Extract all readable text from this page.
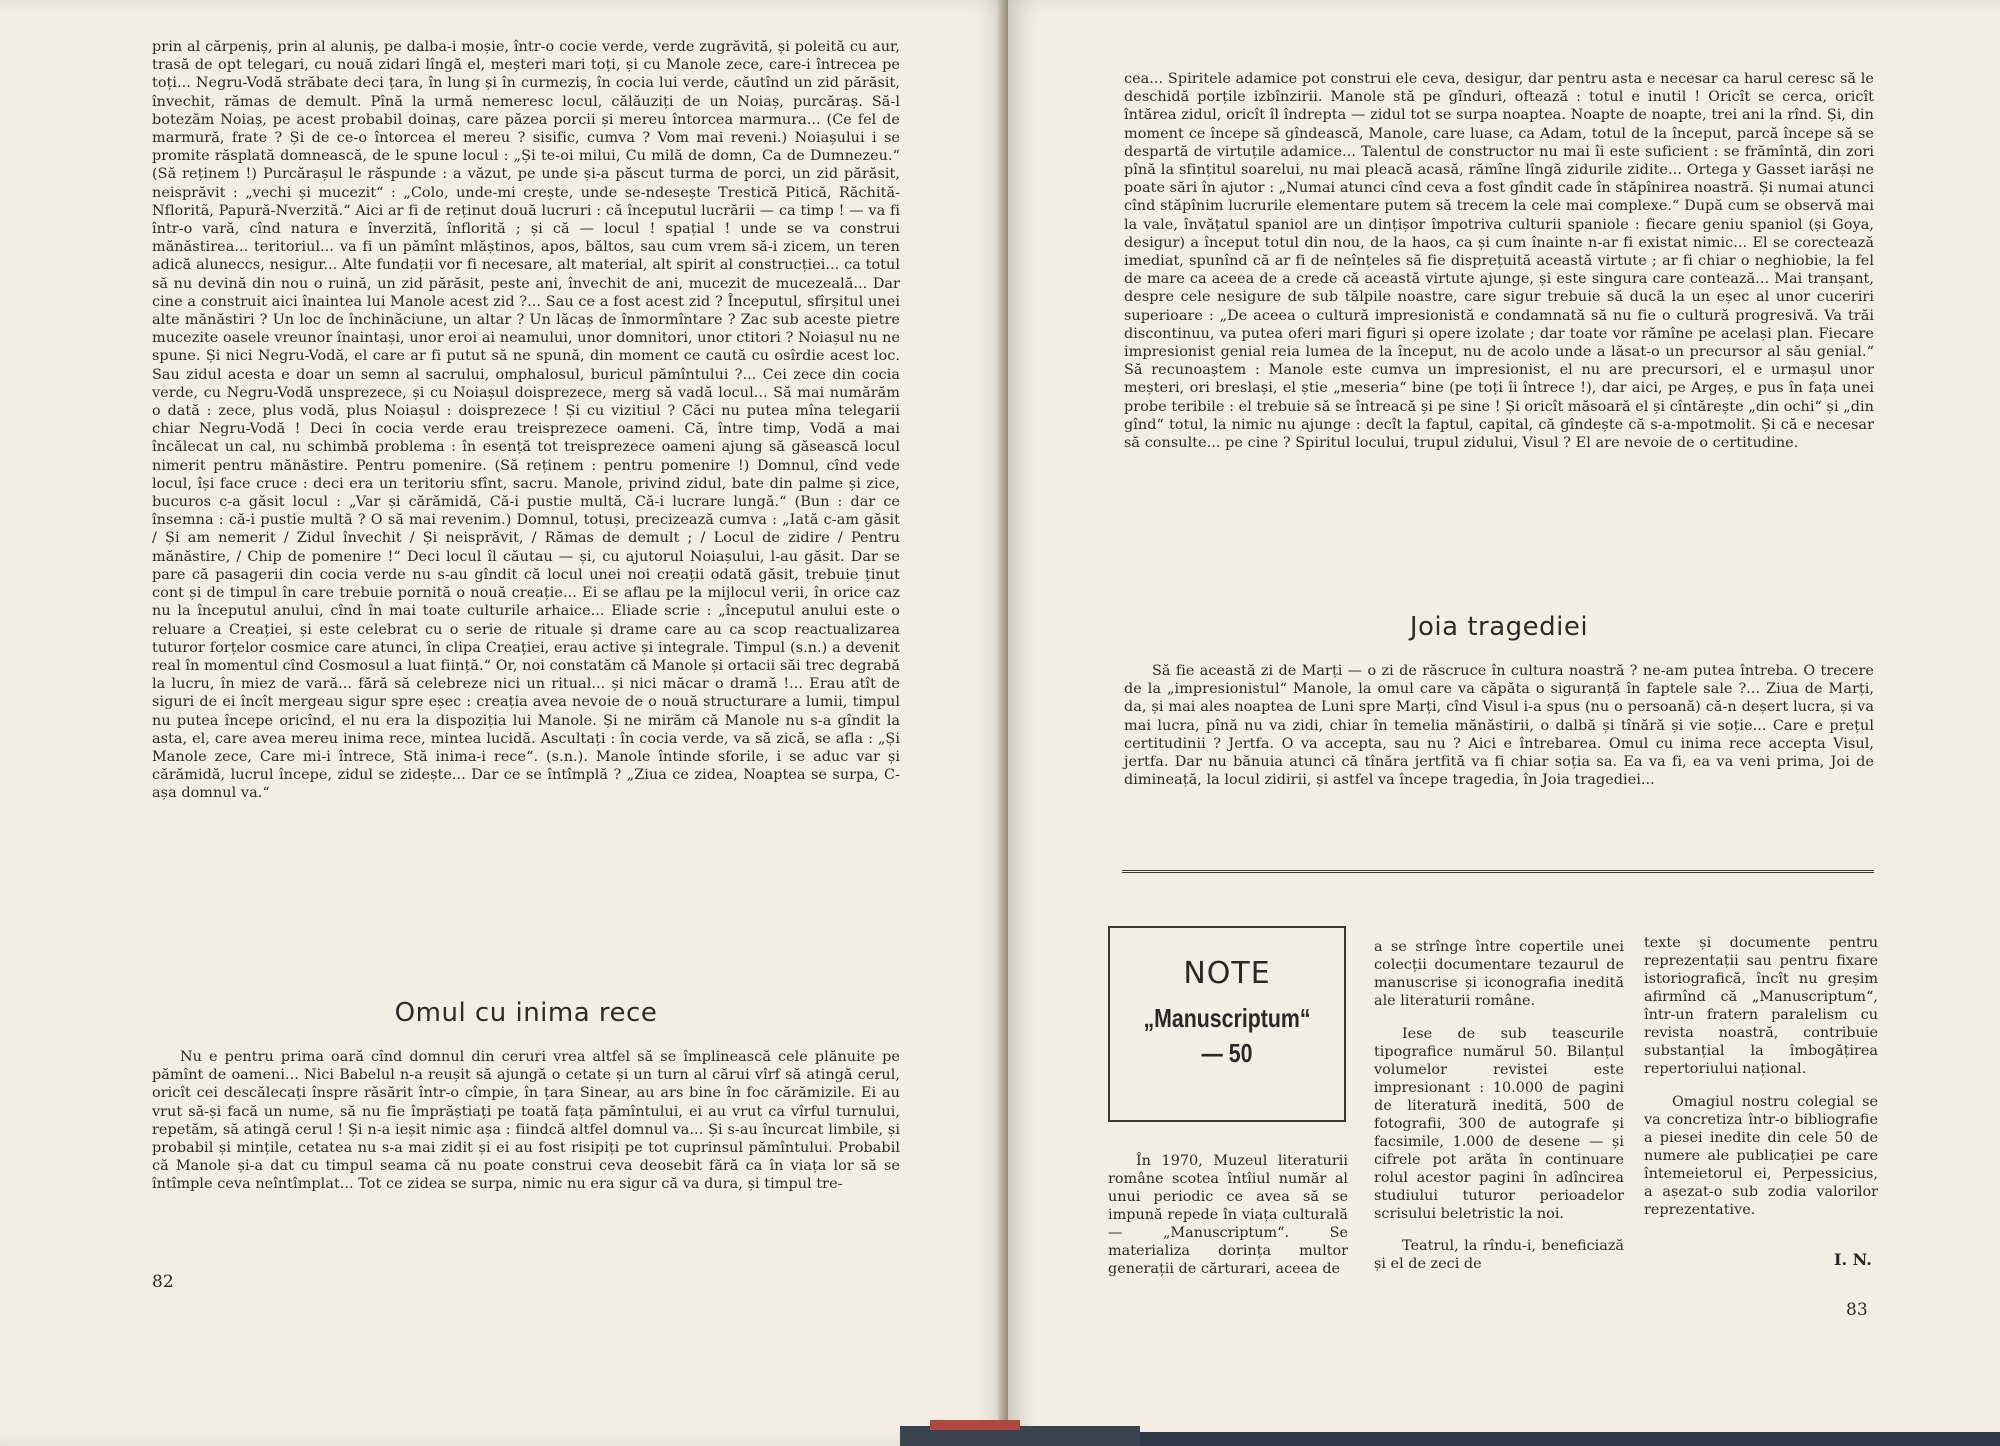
prin al cărpeniș, prin al aluniș, pe dalba-i moșie, într-o cocie verde, verde zugrăvită, și poleită cu aur, trasă de opt telegari, cu nouă zidari lîngă el, meșteri mari toți, și cu Manole zece, care-i întrecea pe toți... Negru-Vodă străbate deci țara, în lung și în curmeziș, în cocia lui verde, căutînd un zid părăsit, învechit, rămas de demult. Pînă la urmă nemeresc locul, călăuziți de un Noiaș, purcăraș. Să-l botezăm Noiaș, pe acest probabil doinaș, care păzea porcii și mereu întorcea marmura... (Ce fel de marmură, frate ? Și de ce-o întorcea el mereu ? sisific, cumva ? Vom mai reveni.) Noiașului i se promite răsplată domnească, de le spune locul : „Și te-oi milui, Cu milă de domn, Ca de Dumnezeu.“ (Să reținem !) Purcărașul le răspunde : a văzut, pe unde și-a păscut turma de porci, un zid părăsit, neisprăvit : „vechi și mucezit“ : „Colo, unde-mi crește, unde se-ndesește Trestică Pitică, Răchită-Nfloritã, Papură-Nverzită.“ Aici ar fi de reținut două lucruri : că începutul lucrării — ca timp ! — va fi într-o vară, cînd natura e înverzită, înflorită ; și că — locul ! spațial ! unde se va construi mănăstirea... teritoriul... va fi un pămînt mlăștinos, apos, băltos, sau cum vrem să-i zicem, un teren adică aluneccs, nesigur... Alte fundații vor fi necesare, alt material, alt spirit al construcției... ca totul să nu devină din nou o ruină, un zid părăsit, peste ani, învechit de ani, mucezit de mucezeală... Dar cine a construit aici înaintea lui Manole acest zid ?... Sau ce a fost acest zid ? Începutul, sfîrșitul unei alte mănăstiri ? Un loc de închinăciune, un altar ? Un lăcaș de înmormîntare ? Zac sub aceste pietre mucezite oasele vreunor înaintași, unor eroi ai neamului, unor domnitori, unor ctitori ? Noiașul nu ne spune. Și nici Negru-Vodă, el care ar fi putut să ne spună, din moment ce caută cu osîrdie acest loc. Sau zidul acesta e doar un semn al sacrului, omphalosul, buricul pămîntului ?... Cei zece din cocia verde, cu Negru-Vodă unsprezece, și cu Noiașul doisprezece, merg să vadă locul... Să mai numărăm o dată : zece, plus vodă, plus Noiașul : doisprezece ! Și cu vizitiul ? Căci nu putea mîna telegarii chiar Negru-Vodă ! Deci în cocia verde erau treisprezece oameni. Că, între timp, Vodă a mai încălecat un cal, nu schimbă problema : în esență tot treisprezece oameni ajung să găsească locul nimerit pentru mănăstire. Pentru pomenire. (Să reținem : pentru pomenire !) Domnul, cînd vede locul, își face cruce : deci era un teritoriu sfînt, sacru. Manole, privind zidul, bate din palme și zice, bucuros c-a găsit locul : „Var și cărămidă, Că-i pustie multă, Că-i lucrare lungă.“ (Bun : dar ce însemna : că-i pustie multă ? O să mai revenim.) Domnul, totuși, precizează cumva : „Iată c-am găsit / Și am nemerit / Zidul învechit / Și neisprăvit, / Rămas de demult ; / Locul de zidire / Pentru mănăstire, / Chip de pomenire !“ Deci locul îl căutau — și, cu ajutorul Noiașului, l-au găsit. Dar se pare că pasagerii din cocia verde nu s-au gîndit că locul unei noi creații odată găsit, trebuie ținut cont și de timpul în care trebuie pornită o nouă creație... Ei se aflau pe la mijlocul verii, în orice caz nu la începutul anului, cînd în mai toate culturile arhaice... Eliade scrie : „începutul anului este o reluare a Creației, și este celebrat cu o serie de rituale și drame care au ca scop reactualizarea tuturor forțelor cosmice care atunci, în clipa Creației, erau active și integrale. Timpul (s.n.) a devenit real în momentul cînd Cosmosul a luat ființă.“ Or, noi constatăm că Manole și ortacii săi trec degrabă la lucru, în miez de vară... fără să celebreze nici un ritual... și nici măcar o dramă !... Erau atît de siguri de ei încît mergeau sigur spre eșec : creația avea nevoie de o nouă structurare a lumii, timpul nu putea începe oricînd, el nu era la dispoziția lui Manole. Și ne mirăm că Manole nu s-a gîndit la asta, el, care avea mereu inima rece, mintea lucidă. Ascultați : în cocia verde, va să zică, se afla : „Și Manole zece, Care mi-i întrece, Stă inima-i rece“. (s.n.). Manole întinde sforile, i se aduc var și cărămidă, lucrul începe, zidul se zidește... Dar ce se întîmplă ? „Ziua ce zidea, Noaptea se surpa, C-așa domnul va.“

Omul cu inima rece

Nu e pentru prima oară cînd domnul din ceruri vrea altfel să se împlinească cele plănuite pe pămînt de oameni... Nici Babelul n-a reușit să ajungă o cetate și un turn al cărui vîrf să atingă cerul, oricît cei descălecați înspre răsărit într-o cîmpie, în țara Sinear, au ars bine în foc cărămizile. Ei au vrut să-și facă un nume, să nu fie împrăștiați pe toată fața pămîntului, ei au vrut ca vîrful turnului, repetăm, să atingă cerul ! Și n-a ieșit nimic așa : fiindcă altfel domnul va... Și s-au încurcat limbile, și probabil și mințile, cetatea nu s-a mai zidit și ei au fost risipiți pe tot cuprinsul pămîntului. Probabil că Manole și-a dat cu timpul seama că nu poate construi ceva deosebit fără ca în viața lor să se întîmple ceva neîntîmplat... Tot ce zidea se surpa, nimic nu era sigur că va dura, și timpul tre-

82

cea... Spiritele adamice pot construi ele ceva, desigur, dar pentru asta e necesar ca harul ceresc să le deschidă porțile izbînzirii. Manole stă pe gînduri, oftează : totul e inutil ! Oricît se cerca, oricît întărea zidul, oricît îl îndrepta — zidul tot se surpa noaptea. Noapte de noapte, trei ani la rînd. Și, din moment ce începe să gîndească, Manole, care luase, ca Adam, totul de la început, parcă începe să se despartă de virtuțile adamice... Talentul de constructor nu mai îi este suficient : se frămîntă, din zori pînă la sfințitul soarelui, nu mai pleacă acasă, rămîne lîngă zidurile zidite... Ortega y Gasset iarăși ne poate sări în ajutor : „Numai atunci cînd ceva a fost gîndit cade în stăpînirea noastră. Și numai atunci cînd stăpînim lucrurile elementare putem să trecem la cele mai complexe.“ După cum se observă mai la vale, învățatul spaniol are un dințișor împotriva culturii spaniole : fiecare geniu spaniol (și Goya, desigur) a început totul din nou, de la haos, ca și cum înainte n-ar fi existat nimic... El se corectează imediat, spunînd că ar fi de neînțeles să fie disprețuită această virtute ; ar fi chiar o neghiobie, la fel de mare ca aceea de a crede că această virtute ajunge, și este singura care contează... Mai tranșant, despre cele nesigure de sub tălpile noastre, care sigur trebuie să ducă la un eșec al unor cuceriri superioare : „De aceea o cultură impresionistă e condamnată să nu fie o cultură progresivă. Va trăi discontinuu, va putea oferi mari figuri și opere izolate ; dar toate vor rămîne pe același plan. Fiecare impresionist genial reia lumea de la început, nu de acolo unde a lăsat-o un precursor al său genial.“ Să recunoaștem : Manole este cumva un impresionist, el nu are precursori, el e urmașul unor meșteri, ori breslași, el știe „meseria“ bine (pe toți îi întrece !), dar aici, pe Argeș, e pus în fața unei probe teribile : el trebuie să se întreacă și pe sine ! Și oricît măsoară el și cîntărește „din ochi“ și „din gînd“ totul, la nimic nu ajunge : decît la faptul, capital, că gîndește că s-a-mpotmolit. Și că e necesar să consulte... pe cine ? Spiritul locului, trupul zidului, Visul ? El are nevoie de o certitudine.

Joia tragediei

Să fie această zi de Marți — o zi de răscruce în cultura noastră ? ne-am putea întreba. O trecere de la „impresionistul“ Manole, la omul care va căpăta o siguranță în faptele sale ?... Ziua de Marți, da, și mai ales noaptea de Luni spre Marți, cînd Visul i-a spus (nu o persoană) că-n deșert lucra, și va mai lucra, pînă nu va zidi, chiar în temelia mănăstirii, o dalbă și tînără și vie soție... Care e prețul certitudinii ? Jertfa. O va accepta, sau nu ? Aici e întrebarea. Omul cu inima rece accepta Visul, jertfa. Dar nu bănuia atunci că tînăra jertfită va fi chiar soția sa. Ea va fi, ea va veni prima, Joi de dimineață, la locul zidirii, și astfel va începe tragedia, în Joia tragediei...

În 1970, Muzeul literaturii române scotea întîiul număr al unui periodic ce avea să se impună repede în viața culturală — „Manuscriptum“. Se materializa dorința multor generații de cărturari, aceea de

a se strînge între copertile unei colecții documentare tezaurul de manuscrise și iconografia inedită ale literaturii române.

Iese de sub teascurile tipografice numărul 50. Bilanțul volumelor revistei este impresionant : 10.000 de pagini de literatură inedită, 500 de fotografii, 300 de autografe și facsimile, 1.000 de desene — și cifrele pot arăta în continuare rolul acestor pagini în adîncirea studiului tuturor perioadelor scrisului beletristic la noi.

Teatrul, la rîndu-i, beneficiază și el de zeci de

texte și documente pentru reprezentații sau pentru fixare istoriografică, încît nu greșim afirmînd că „Manuscriptum“, într-un fratern paralelism cu revista noastră, contribuie substanțial la îmbogățirea repertoriului național.

Omagiul nostru colegial se va concretiza într-o bibliografie a piesei inedite din cele 50 de numere ale publicației pe care întemeietorul ei, Perpessicius, a așezat-o sub zodia valorilor reprezentative.

I. N.
83
NOTE
„Manuscriptum“
— 50
